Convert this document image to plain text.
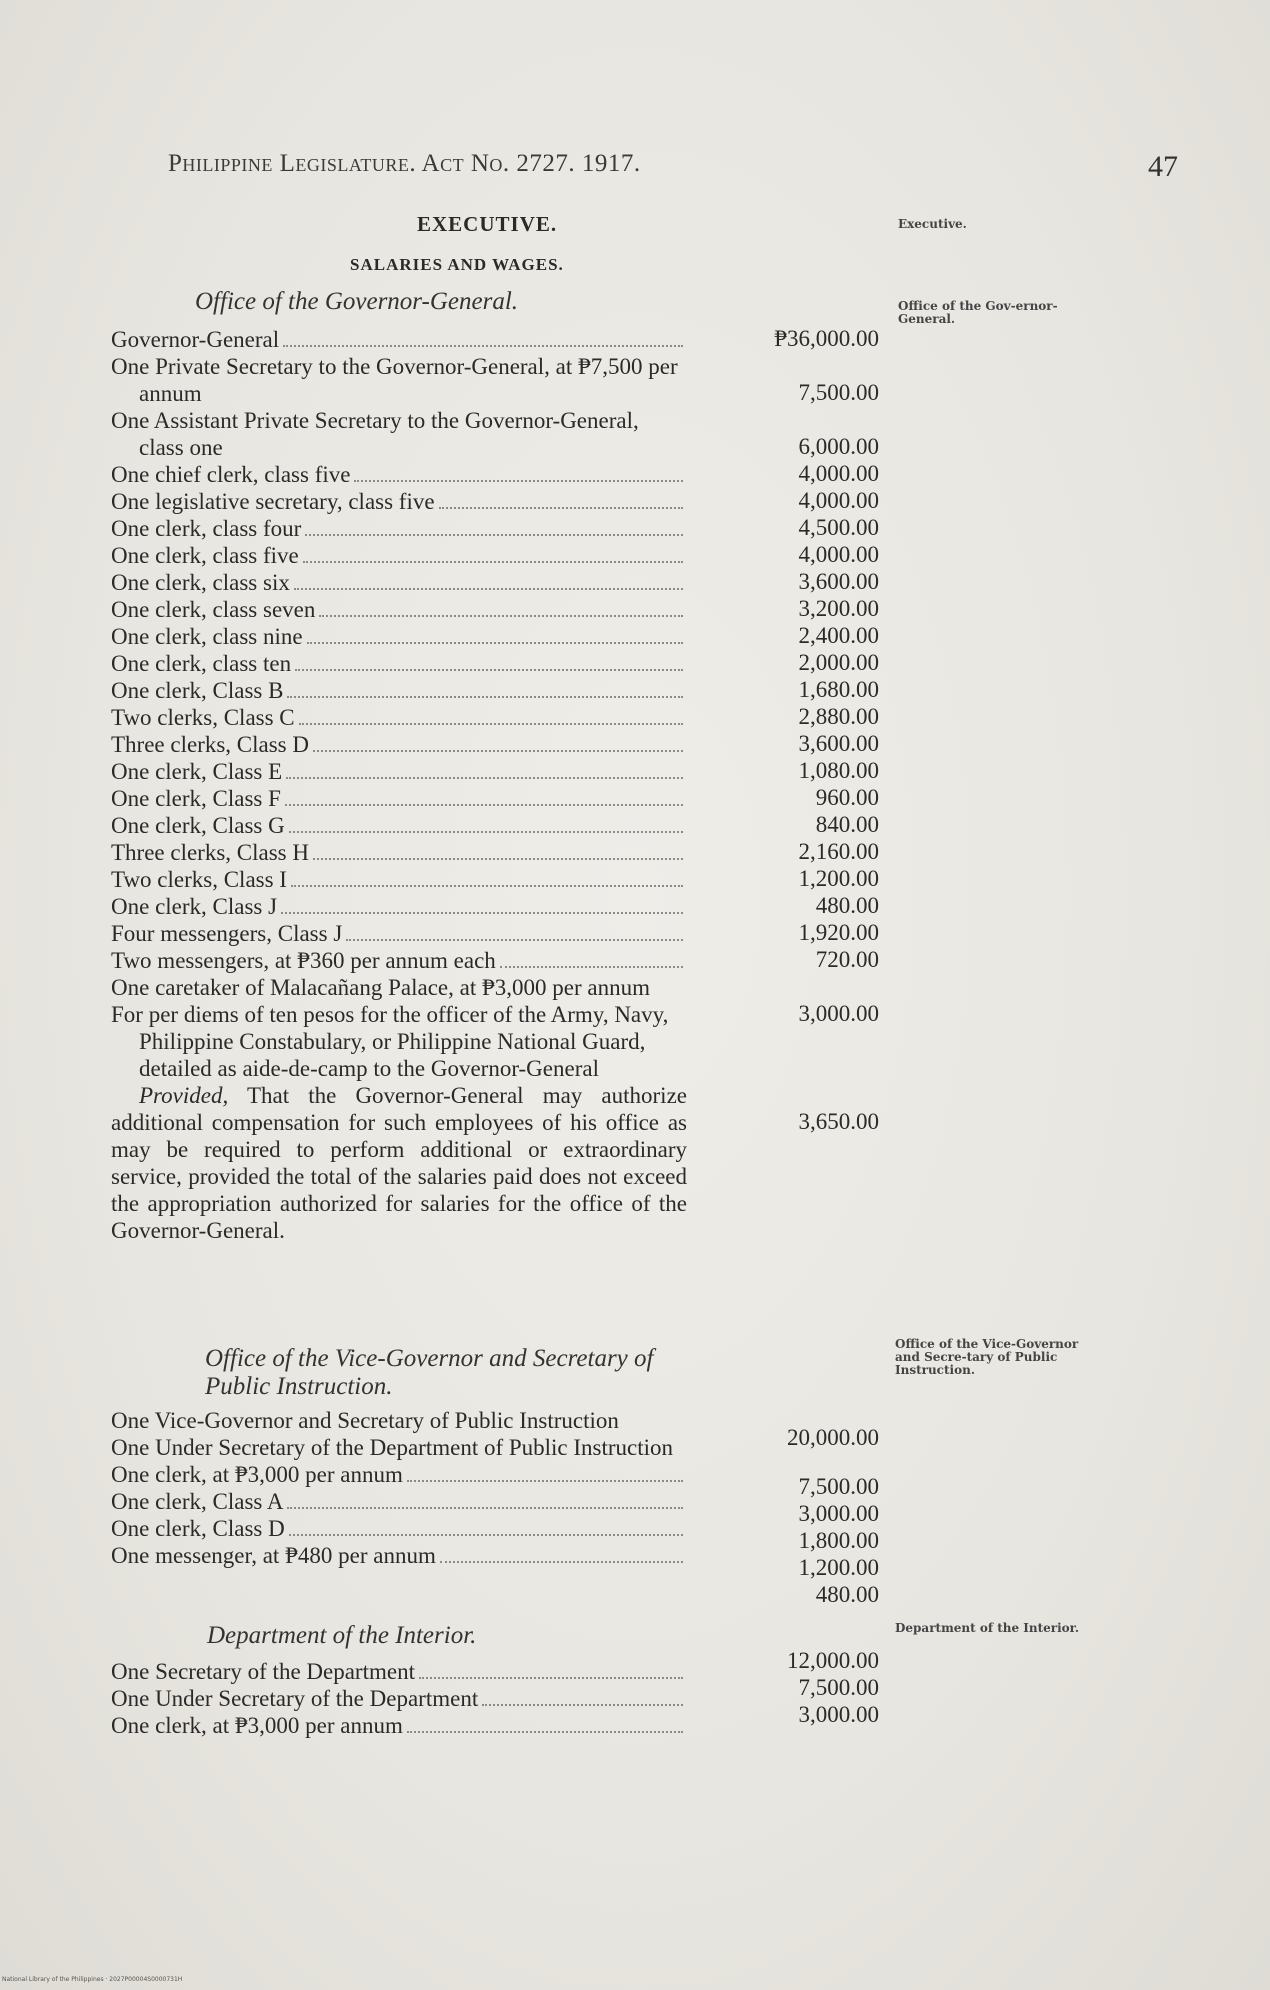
Philippine Legislature. Act No. 2727. 1917.	47
EXECUTIVE.
SALARIES AND WAGES.
Executive.
Office of the Gov-ernor-General.
Office of the Vice-Governor and Secre-tary of Public Instruction.
Department of the Interior.
Office of the Governor-General.
Governor-General
One Private Secretary to the Governor-General, at ₱7,500 per annum
One Assistant Private Secretary to the Governor-General, class one
One chief clerk, class five
One legislative secretary, class five
One clerk, class four
One clerk, class five
One clerk, class six
One clerk, class seven
One clerk, class nine
One clerk, class ten
One clerk, Class B
Two clerks, Class C
Three clerks, Class D
One clerk, Class E
One clerk, Class F
One clerk, Class G
Three clerks, Class H
Two clerks, Class I
One clerk, Class J
Four messengers, Class J
Two messengers, at ₱360 per annum each
One caretaker of Malacañang Palace, at ₱3,000 per annum
For per diems of ten pesos for the officer of the Army, Navy, Philippine Constabulary, or Philippine National Guard, detailed as aide-de-camp to the Governor-General
Provided, That the Governor-General may authorize additional compensation for such employees of his office as may be required to perform additional or extraordinary service, provided the total of the salaries paid does not exceed the appropriation authorized for salaries for the office of the Governor-General.
₱36,000.00
7,500.00
6,000.00
4,000.00
4,000.00
4,500.00
4,000.00
3,600.00
3,200.00
2,400.00
2,000.00
1,680.00
2,880.00
3,600.00
1,080.00
960.00
840.00
2,160.00
1,200.00
480.00
1,920.00
720.00
3,000.00
3,650.00
Office of the Vice-Governor and Secretary of Public Instruction.
One Vice-Governor and Secretary of Public Instruction
One Under Secretary of the Department of Public Instruction
One clerk, at ₱3,000 per annum
One clerk, Class A
One clerk, Class D
One messenger, at ₱480 per annum
20,000.00
7,500.00
3,000.00
1,800.00
1,200.00
480.00
Department of the Interior.
One Secretary of the Department
One Under Secretary of the Department
One clerk, at ₱3,000 per annum
12,000.00
7,500.00
3,000.00
National Library of the Philippines · 2027P00004S0000731H
